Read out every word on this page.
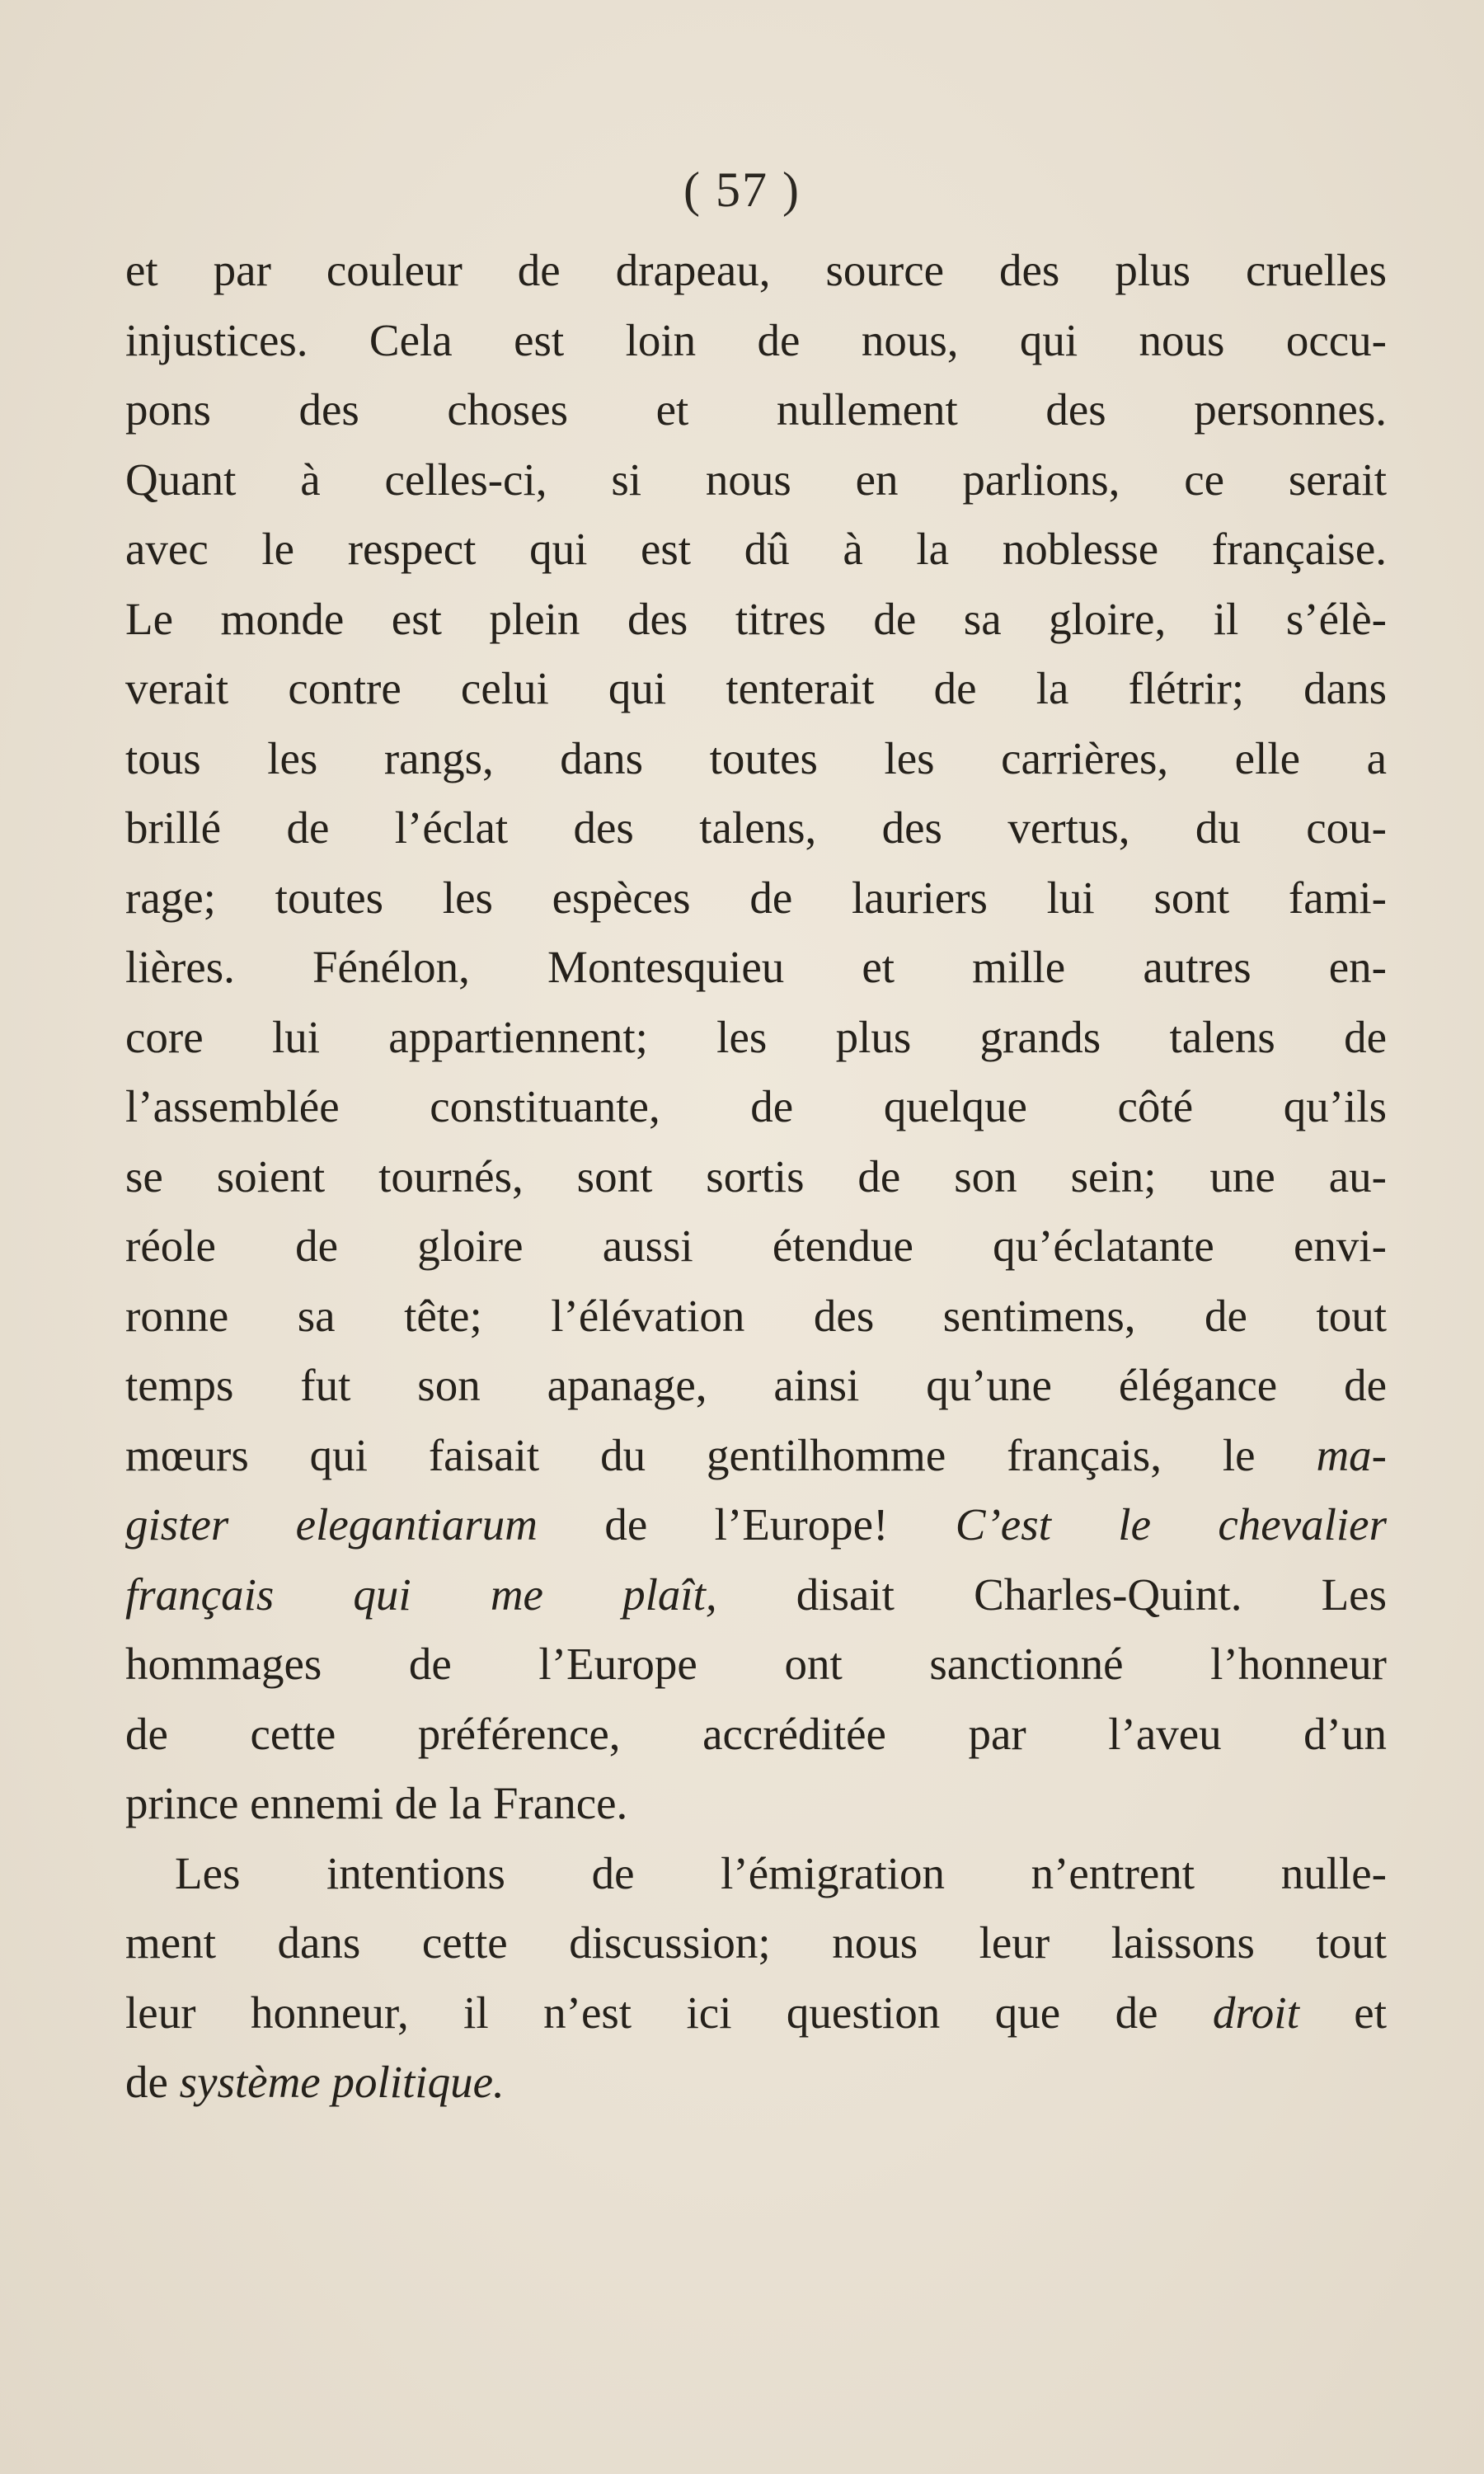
( 57 )
et par couleur de drapeau, source des plus cruelles
injustices. Cela est loin de nous, qui nous occu-
pons des choses et nullement des personnes.
Quant à celles-ci, si nous en parlions, ce serait
avec le respect qui est dû à la noblesse française.
Le monde est plein des titres de sa gloire, il s’élè-
verait contre celui qui tenterait de la flétrir; dans
tous les rangs, dans toutes les carrières, elle a
brillé de l’éclat des talens, des vertus, du cou-
rage; toutes les espèces de lauriers lui sont fami-
lières. Fénélon, Montesquieu et mille autres en-
core lui appartiennent; les plus grands talens de
l’assemblée constituante, de quelque côté qu’ils
se soient tournés, sont sortis de son sein; une au-
réole de gloire aussi étendue qu’éclatante envi-
ronne sa tête; l’élévation des sentimens, de tout
temps fut son apanage, ainsi qu’une élégance de
mœurs qui faisait du gentilhomme français, le ma-
gister elegantiarum de l’Europe! C’est le chevalier
français qui me plaît, disait Charles-Quint. Les
hommages de l’Europe ont sanctionné l’honneur
de cette préférence, accréditée par l’aveu d’un
prince ennemi de la France.
Les intentions de l’émigration n’entrent nulle-
ment dans cette discussion; nous leur laissons tout
leur honneur, il n’est ici question que de droit et
de système politique.
